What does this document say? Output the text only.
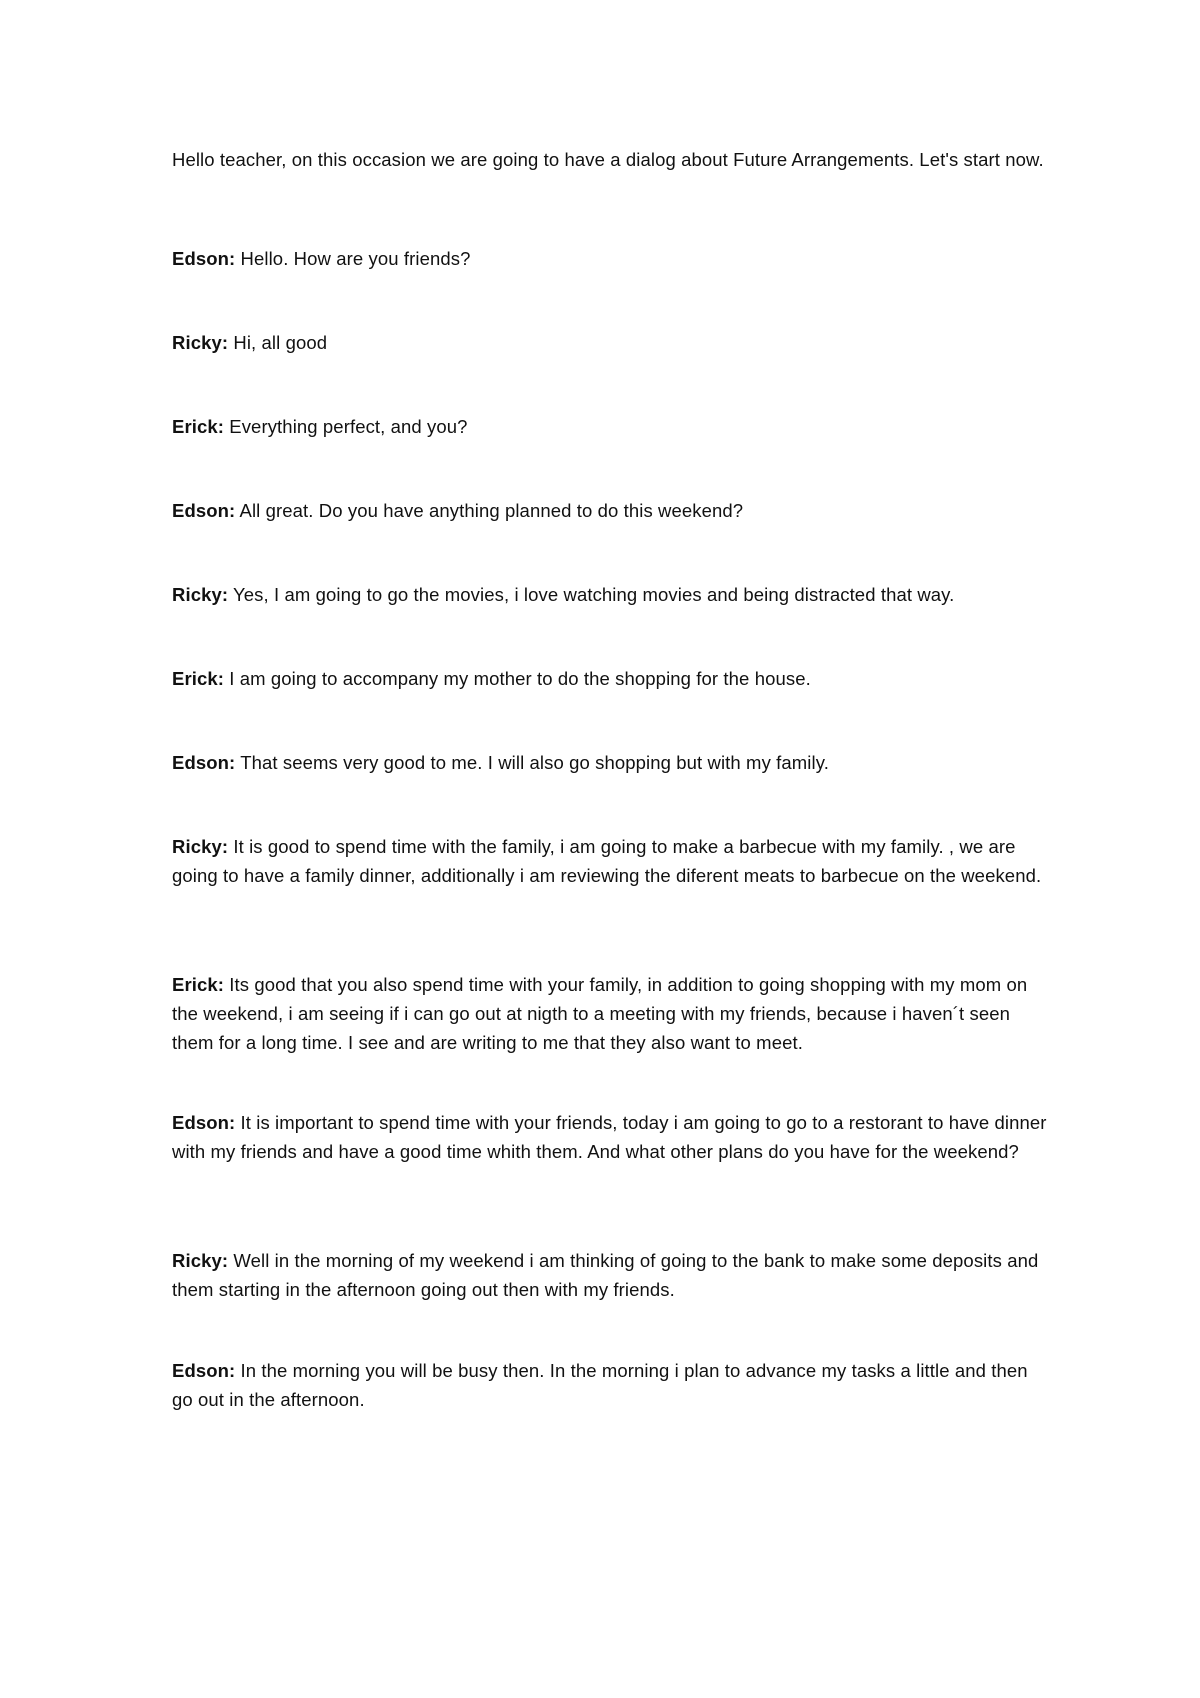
Hello teacher, on this occasion we are going to have a dialog about Future Arrangements. Let's start now.

Edson: Hello. How are you friends?

Ricky: Hi, all good

Erick: Everything perfect, and you?

Edson: All great. Do you have anything planned to do this weekend?

Ricky: Yes, I am going to go the movies, i love watching movies and being distracted that way.

Erick: I am going to accompany my mother to do the shopping for the house.

Edson: That seems very good to me. I will also go shopping but with my family.

Ricky: It is good to spend time with the family, i am going to make a barbecue with my family. , we are going to have a family dinner, additionally i am reviewing the diferent meats to barbecue on the weekend.

Erick: Its good that you also spend time with your family, in addition to going shopping with my mom on the weekend, i am seeing if i can go out at nigth to a meeting with my friends, because i haven´t seen them for a long time. I see and are writing to me that they also want to meet.

Edson: It is important to spend time with your friends, today i am going to go to a restorant to have dinner with my friends and have a good time whith them. And what other plans do you have for the weekend?

Ricky: Well in the morning of my weekend i am thinking of going to the bank to make some deposits and them starting in the afternoon going out then with my friends.

Edson: In the morning you will be busy then. In the morning i plan to advance my tasks a little and then go out in the afternoon.
